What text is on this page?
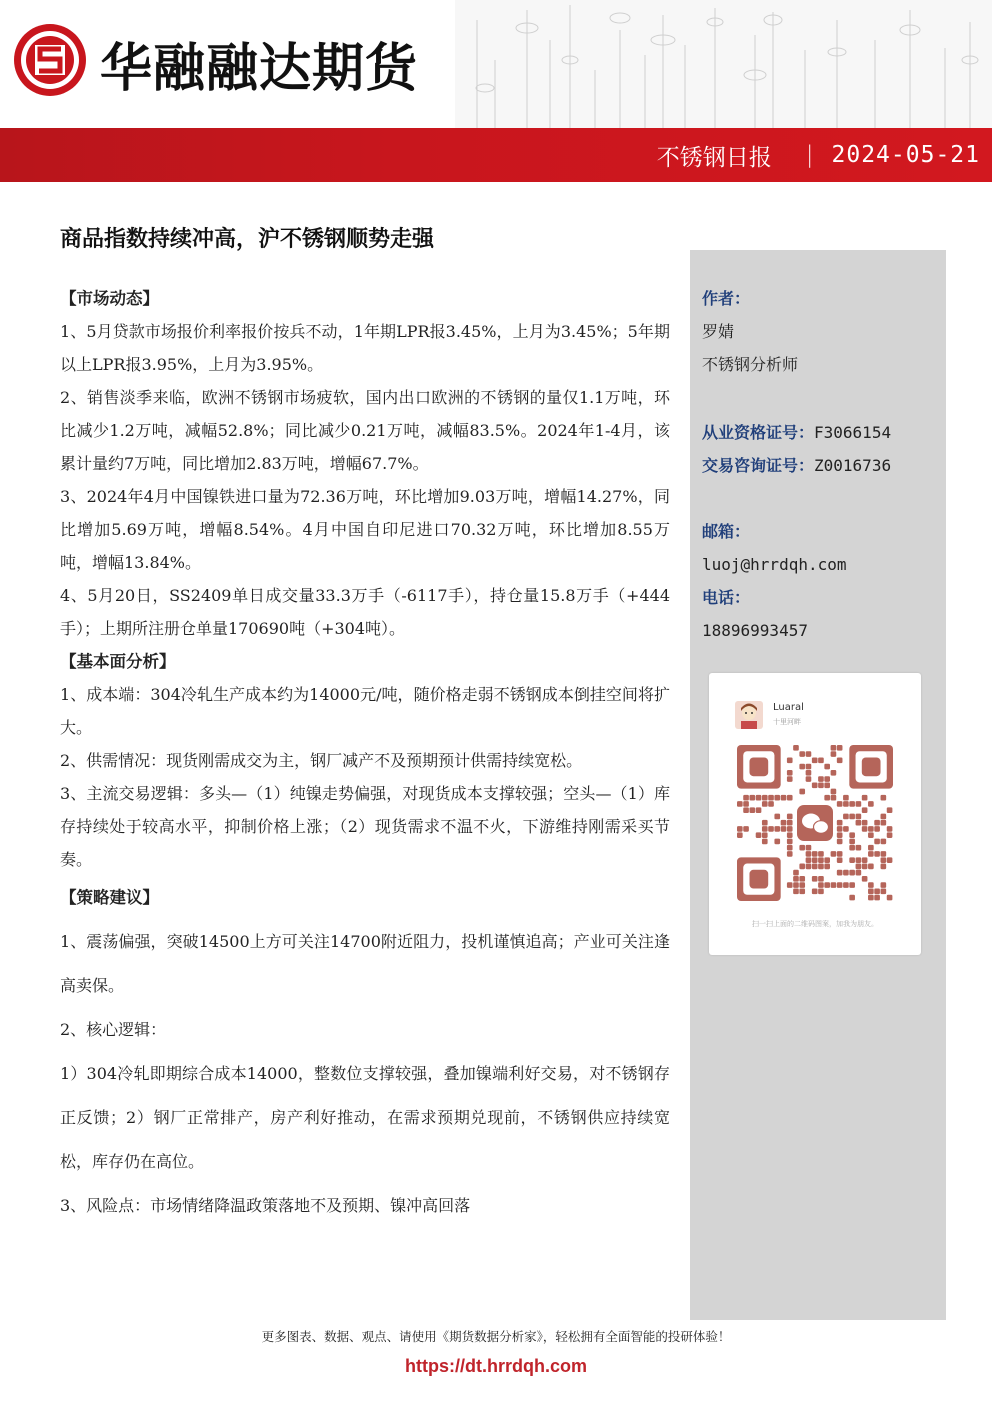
华融融达期货
不锈钢日报 | 2024-05-21
商品指数持续冲高，沪不锈钢顺势走强
【市场动态】
1、5月贷款市场报价利率报价按兵不动，1年期LPR报3.45%，上月为3.45%；5年期以上LPR报3.95%，上月为3.95%。
2、销售淡季来临，欧洲不锈钢市场疲软，国内出口欧洲的不锈钢的量仅1.1万吨，环比减少1.2万吨，减幅52.8%；同比减少0.21万吨，减幅83.5%。2024年1-4月，该累计量约7万吨，同比增加2.83万吨，增幅67.7%。
3、2024年4月中国镍铁进口量为72.36万吨，环比增加9.03万吨，增幅14.27%，同比增加5.69万吨，增幅8.54%。4月中国自印尼进口70.32万吨，环比增加8.55万吨，增幅13.84%。
4、5月20日，SS2409单日成交量33.3万手（-6117手），持仓量15.8万手（+444手）；上期所注册仓单量170690吨（+304吨）。
【基本面分析】
1、成本端：304冷轧生产成本约为14000元/吨，随价格走弱不锈钢成本倒挂空间将扩大。
2、供需情况：现货刚需成交为主，钢厂减产不及预期预计供需持续宽松。
3、主流交易逻辑：多头—（1）纯镍走势偏强，对现货成本支撑较强；空头—（1）库存持续处于较高水平，抑制价格上涨；（2）现货需求不温不火，下游维持刚需采买节奏。
【策略建议】
1、震荡偏强，突破14500上方可关注14700附近阻力，投机谨慎追高；产业可关注逢高卖保。
2、核心逻辑：
1）304冷轧即期综合成本14000，整数位支撑较强，叠加镍端利好交易，对不锈钢存正反馈；2）钢厂正常排产，房产利好推动，在需求预期兑现前，不锈钢供应持续宽松，库存仍在高位。
3、风险点：市场情绪降温政策落地不及预期、镍冲高回落
作者：
罗婧
不锈钢分析师
从业资格证号：F3066154
交易咨询证号：Z0016736
邮箱：
luoj@hrrdqh.com
电话：
18896993457
Luaral
十里河畔
扫一扫上面的二维码图案，加我为朋友。
更多图表、数据、观点、请使用《期货数据分析家》，轻松拥有全面智能的投研体验！
https://dt.hrrdqh.com
